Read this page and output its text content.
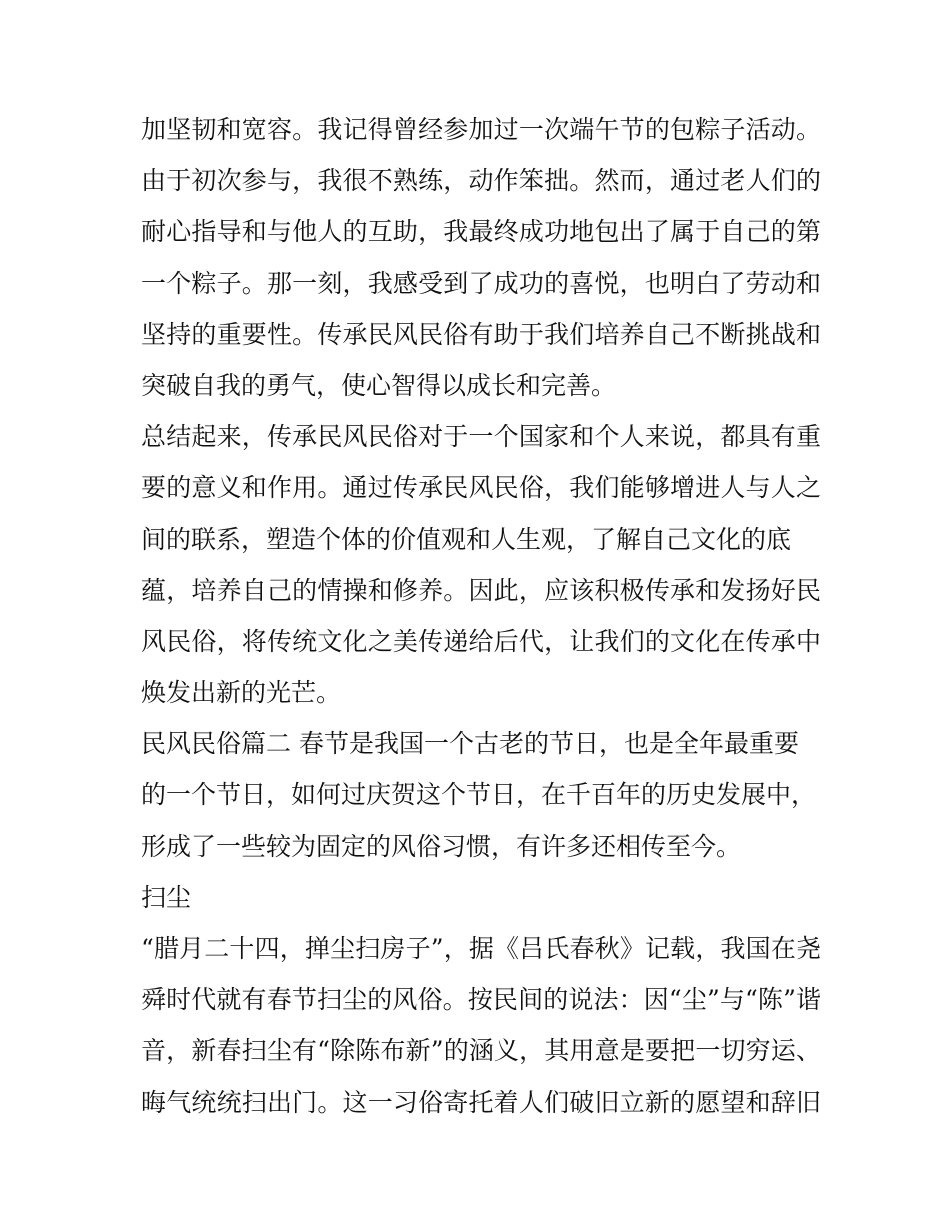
加坚韧和宽容。我记得曾经参加过一次端午节的包粽子活动。
由于初次参与，我很不熟练，动作笨拙。然而，通过老人们的
耐心指导和与他人的互助，我最终成功地包出了属于自己的第
一个粽子。那一刻，我感受到了成功的喜悦，也明白了劳动和
坚持的重要性。传承民风民俗有助于我们培养自己不断挑战和
突破自我的勇气，使心智得以成长和完善。
总结起来，传承民风民俗对于一个国家和个人来说，都具有重
要的意义和作用。通过传承民风民俗，我们能够增进人与人之
间的联系，塑造个体的价值观和人生观，了解自己文化的底
蕴，培养自己的情操和修养。因此，应该积极传承和发扬好民
风民俗，将传统文化之美传递给后代，让我们的文化在传承中
焕发出新的光芒。
民风民俗篇二 春节是我国一个古老的节日，也是全年最重要
的一个节日，如何过庆贺这个节日，在千百年的历史发展中，
形成了一些较为固定的风俗习惯，有许多还相传至今。
扫尘
“腊月二十四，掸尘扫房子”，据《吕氏春秋》记载，我国在尧
舜时代就有春节扫尘的风俗。按民间的说法：因“尘”与“陈”谐
音，新春扫尘有“除陈布新”的涵义，其用意是要把一切穷运、
晦气统统扫出门。这一习俗寄托着人们破旧立新的愿望和辞旧
